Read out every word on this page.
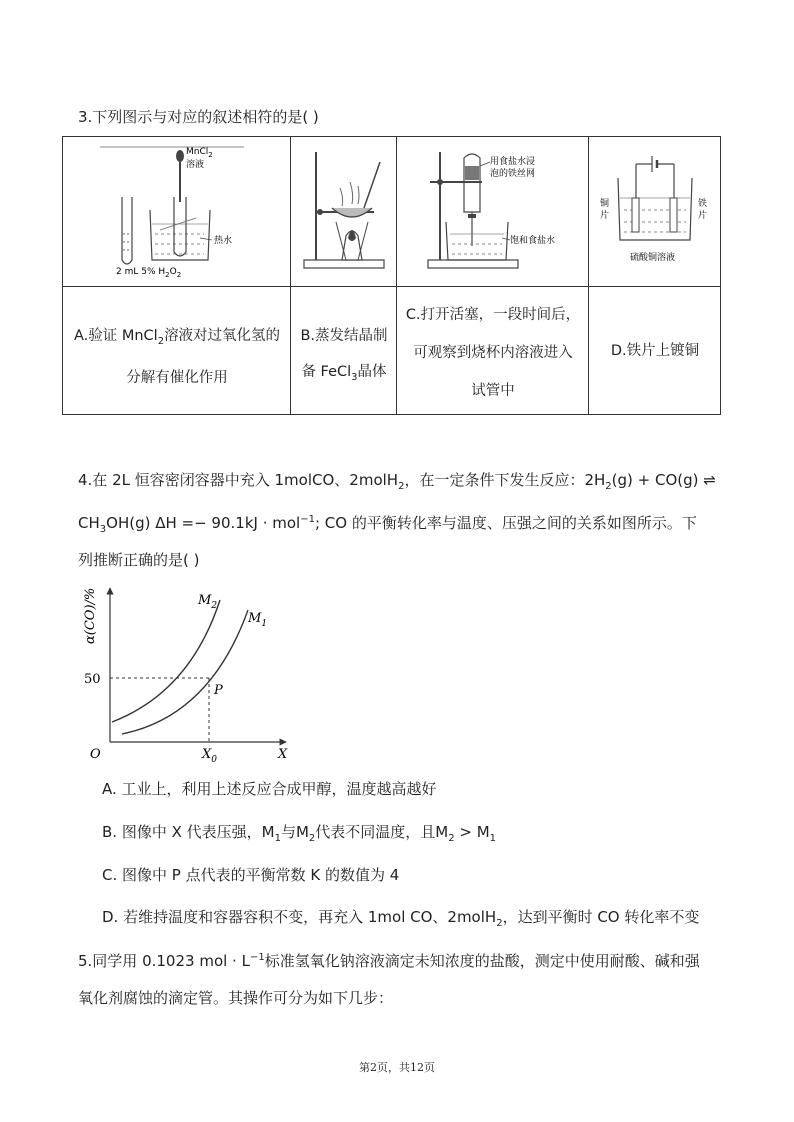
3.下列图示与对应的叙述相符的是( )
MnCl$_2$
溶液
热水
2 mL 5% $H_2O_2$
用食盐水浸
泡的铁丝网
饱和食盐水
铜
片
铁
片
硫酸铜溶液
A.验证 MnCl$_2$溶液对过氧化氢的
分解有催化作用
B.蒸发结晶制
备 FeCl$_3$晶体
C.打开活塞，一段时间后，
可观察到烧杯内溶液进入
试管中
D.铁片上镀铜
4.在 2L 恒容密闭容器中充入 1molCO、2molH$_2$，在一定条件下发生反应：$2H_2(g) + CO(g)$ ⇌
$CH_3OH(g) \Delta H =- 90.1kJ \cdot mol^{-1}$; CO 的平衡转化率与温度、压强之间的关系如图所示。下
列推断正确的是( )
α(CO)/%
50
O	X
$X_0$
P
$M_2$
$M_1$
A. 工业上，利用上述反应合成甲醇，温度越高越好
B. 图像中 X 代表压强，$M_1$与$M_2$代表不同温度，且$M_2 > M_1$
C. 图像中 P 点代表的平衡常数 K 的数值为 4
D. 若维持温度和容器容积不变，再充入 1mol CO、2molH$_2$，达到平衡时 CO 转化率不变
5.同学用 0.1023 mol · $L^{-1}$标准氢氧化钠溶液滴定未知浓度的盐酸，测定中使用耐酸、碱和强
氧化剂腐蚀的滴定管。其操作可分为如下几步：
第2页，共12页
